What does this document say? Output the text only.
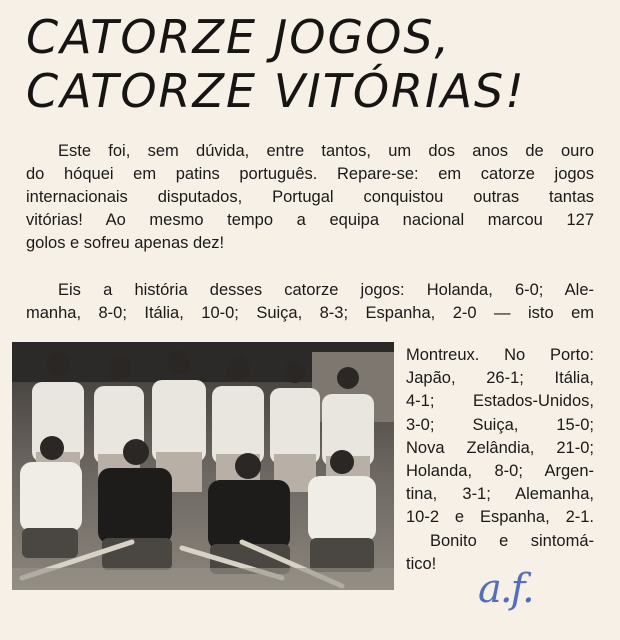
CATORZE JOGOS,
CATORZE VITÓRIAS!
Este foi, sem dúvida, entre tantos, um dos anos de ouro
do hóquei em patins português. Repare-se: em catorze jogos
internacionais disputados, Portugal conquistou outras tantas
vitórias! Ao mesmo tempo a equipa nacional marcou 127
golos e sofreu apenas dez!
Eis a história desses catorze jogos: Holanda, 6-0; Ale-
manha, 8-0; Itália, 10-0; Suiça, 8-3; Espanha, 2-0 — isto em
Montreux. No Porto:
Japão, 26-1; Itália,
4-1; Estados-Unidos,
3-0; Suiça, 15-0;
Nova Zelândia, 21-0;
Holanda, 8-0; Argen-
tina, 3-1; Alemanha,
10-2 e Espanha, 2-1.
Bonito e sintomá-
tico!
a.f.
